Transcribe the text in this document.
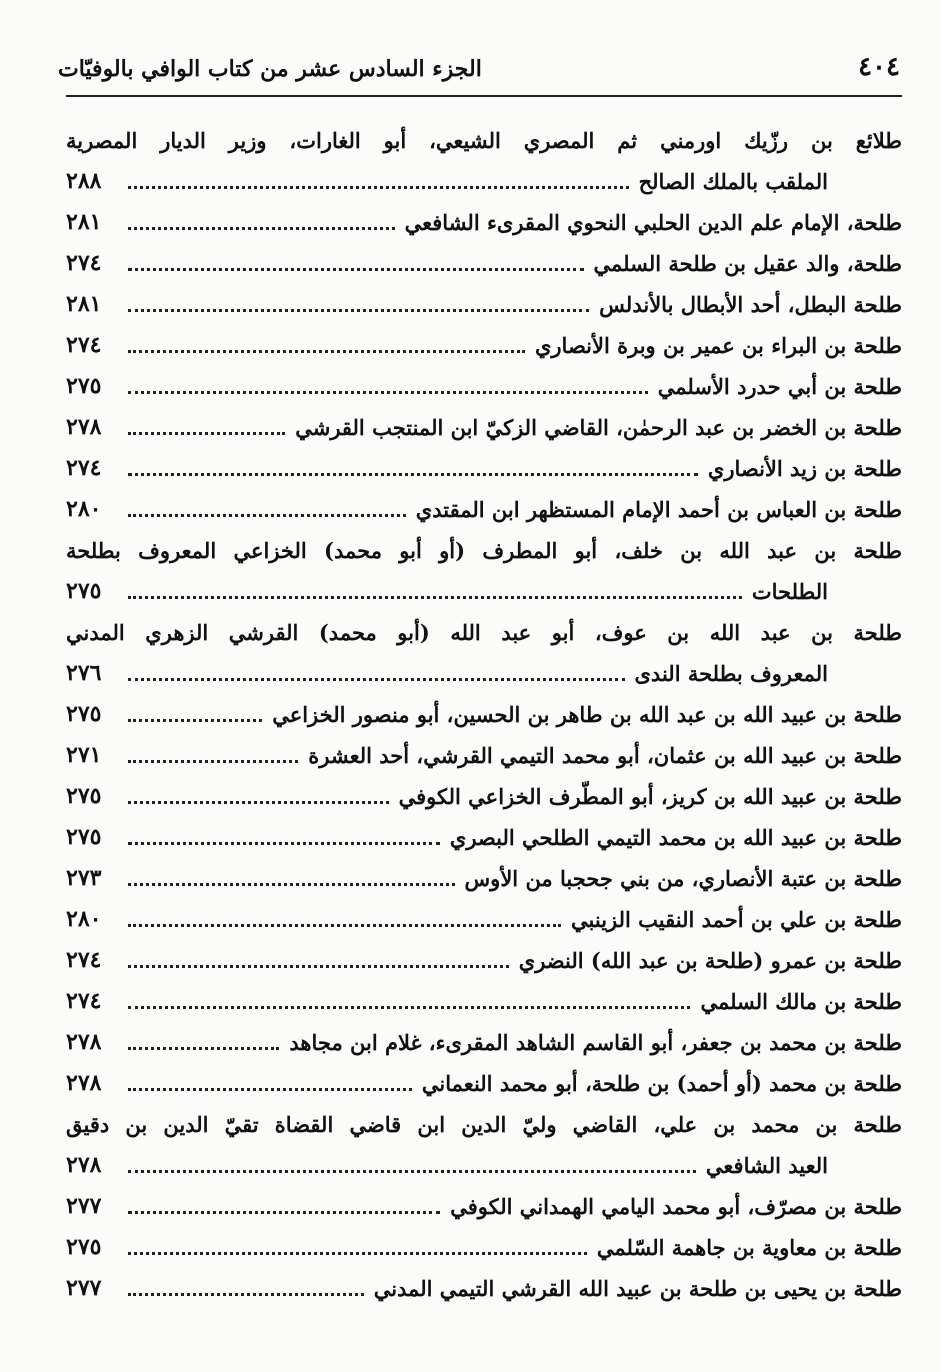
٤٠٤
الجزء السادس عشر من كتاب الوافي بالوفيّات
طلائع بن رزّيك اورمني ثم المصري الشيعي، أبو الغارات، وزير الديار المصرية
الملقب بالملك الصالح
٢٨٨
طلحة، الإمام علم الدين الحلبي النحوي المقرىء الشافعي
٢٨١
طلحة، والد عقيل بن طلحة السلمي
٢٧٤
طلحة البطل، أحد الأبطال بالأندلس
٢٨١
طلحة بن البراء بن عمير بن وبرة الأنصاري
٢٧٤
طلحة بن أبي حدرد الأسلمي
٢٧٥
طلحة بن الخضر بن عبد الرحمٰن، القاضي الزكيّ ابن المنتجب القرشي
٢٧٨
طلحة بن زيد الأنصاري
٢٧٤
طلحة بن العباس بن أحمد الإمام المستظهر ابن المقتدي
٢٨٠
طلحة بن عبد الله بن خلف، أبو المطرف (أو أبو محمد) الخزاعي المعروف بطلحة
الطلحات
٢٧٥
طلحة بن عبد الله بن عوف، أبو عبد الله (أبو محمد) القرشي الزهري المدني
المعروف بطلحة الندى
٢٧٦
طلحة بن عبيد الله بن عبد الله بن طاهر بن الحسين، أبو منصور الخزاعي
٢٧٥
طلحة بن عبيد الله بن عثمان، أبو محمد التيمي القرشي، أحد العشرة
٢٧١
طلحة بن عبيد الله بن كريز، أبو المطّرف الخزاعي الكوفي
٢٧٥
طلحة بن عبيد الله بن محمد التيمي الطلحي البصري
٢٧٥
طلحة بن عتبة الأنصاري، من بني جحجبا من الأوس
٢٧٣
طلحة بن علي بن أحمد النقيب الزينبي
٢٨٠
طلحة بن عمرو (طلحة بن عبد الله) النضري
٢٧٤
طلحة بن مالك السلمي
٢٧٤
طلحة بن محمد بن جعفر، أبو القاسم الشاهد المقرىء، غلام ابن مجاهد
٢٧٨
طلحة بن محمد (أو أحمد) بن طلحة، أبو محمد النعماني
٢٧٨
طلحة بن محمد بن علي، القاضي وليّ الدين ابن قاضي القضاة تقيّ الدين بن دقيق
العيد الشافعي
٢٧٨
طلحة بن مصرّف، أبو محمد اليامي الهمداني الكوفي
٢٧٧
طلحة بن معاوية بن جاهمة السّلمي
٢٧٥
طلحة بن يحيى بن طلحة بن عبيد الله القرشي التيمي المدني
٢٧٧
